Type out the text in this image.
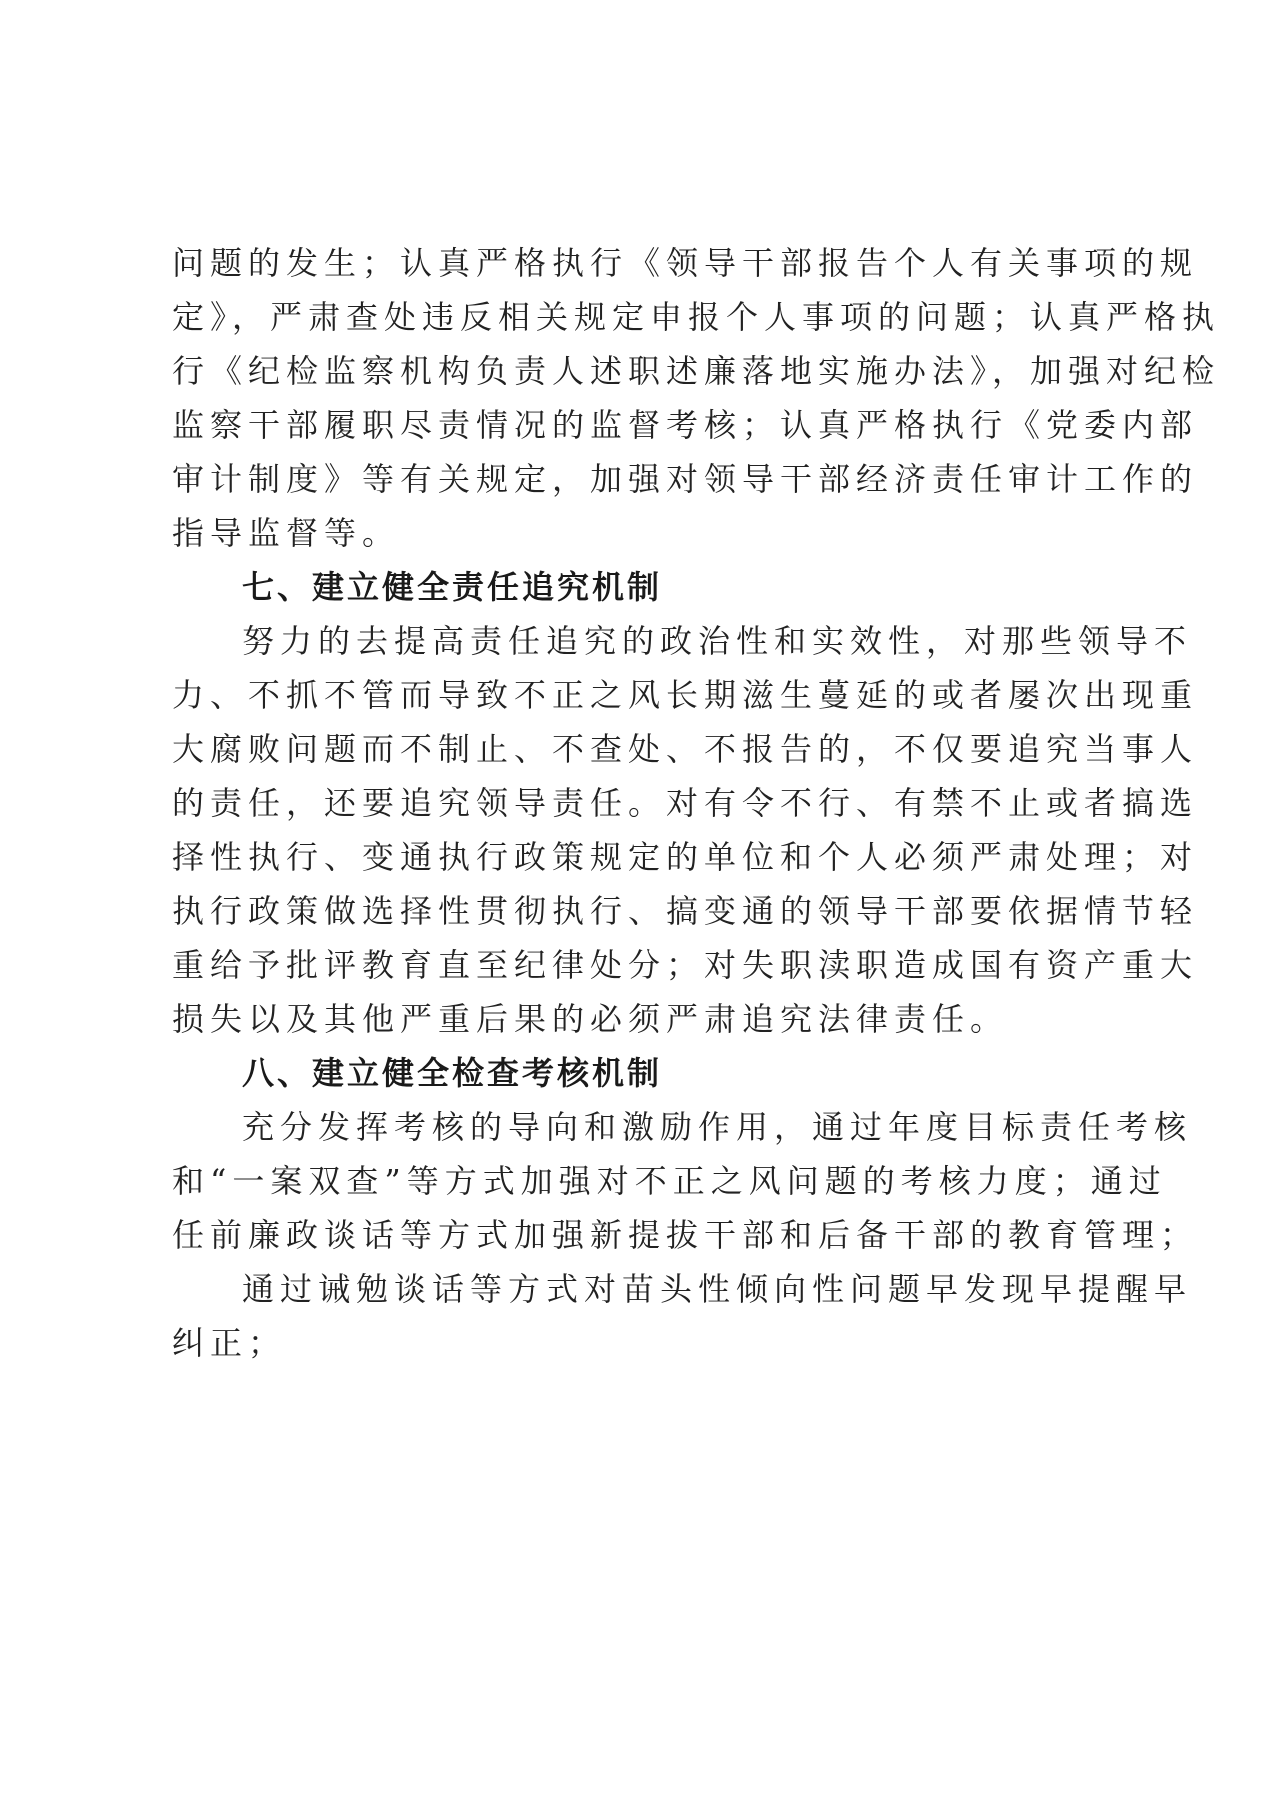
问题的发生；认真严格执行《领导干部报告个人有关事项的规
定》，严肃查处违反相关规定申报个人事项的问题；认真严格执
行《纪检监察机构负责人述职述廉落地实施办法》，加强对纪检
监察干部履职尽责情况的监督考核；认真严格执行《党委内部
审计制度》等有关规定，加强对领导干部经济责任审计工作的
指导监督等。
七、建立健全责任追究机制
努力的去提高责任追究的政治性和实效性，对那些领导不
力、不抓不管而导致不正之风长期滋生蔓延的或者屡次出现重
大腐败问题而不制止、不查处、不报告的，不仅要追究当事人
的责任，还要追究领导责任。对有令不行、有禁不止或者搞选
择性执行、变通执行政策规定的单位和个人必须严肃处理；对
执行政策做选择性贯彻执行、搞变通的领导干部要依据情节轻
重给予批评教育直至纪律处分；对失职渎职造成国有资产重大
损失以及其他严重后果的必须严肃追究法律责任。
八、建立健全检查考核机制
充分发挥考核的导向和激励作用，通过年度目标责任考核
和“一案双查”等方式加强对不正之风问题的考核力度；通过
任前廉政谈话等方式加强新提拔干部和后备干部的教育管理；
通过诫勉谈话等方式对苗头性倾向性问题早发现早提醒早
纠正；
